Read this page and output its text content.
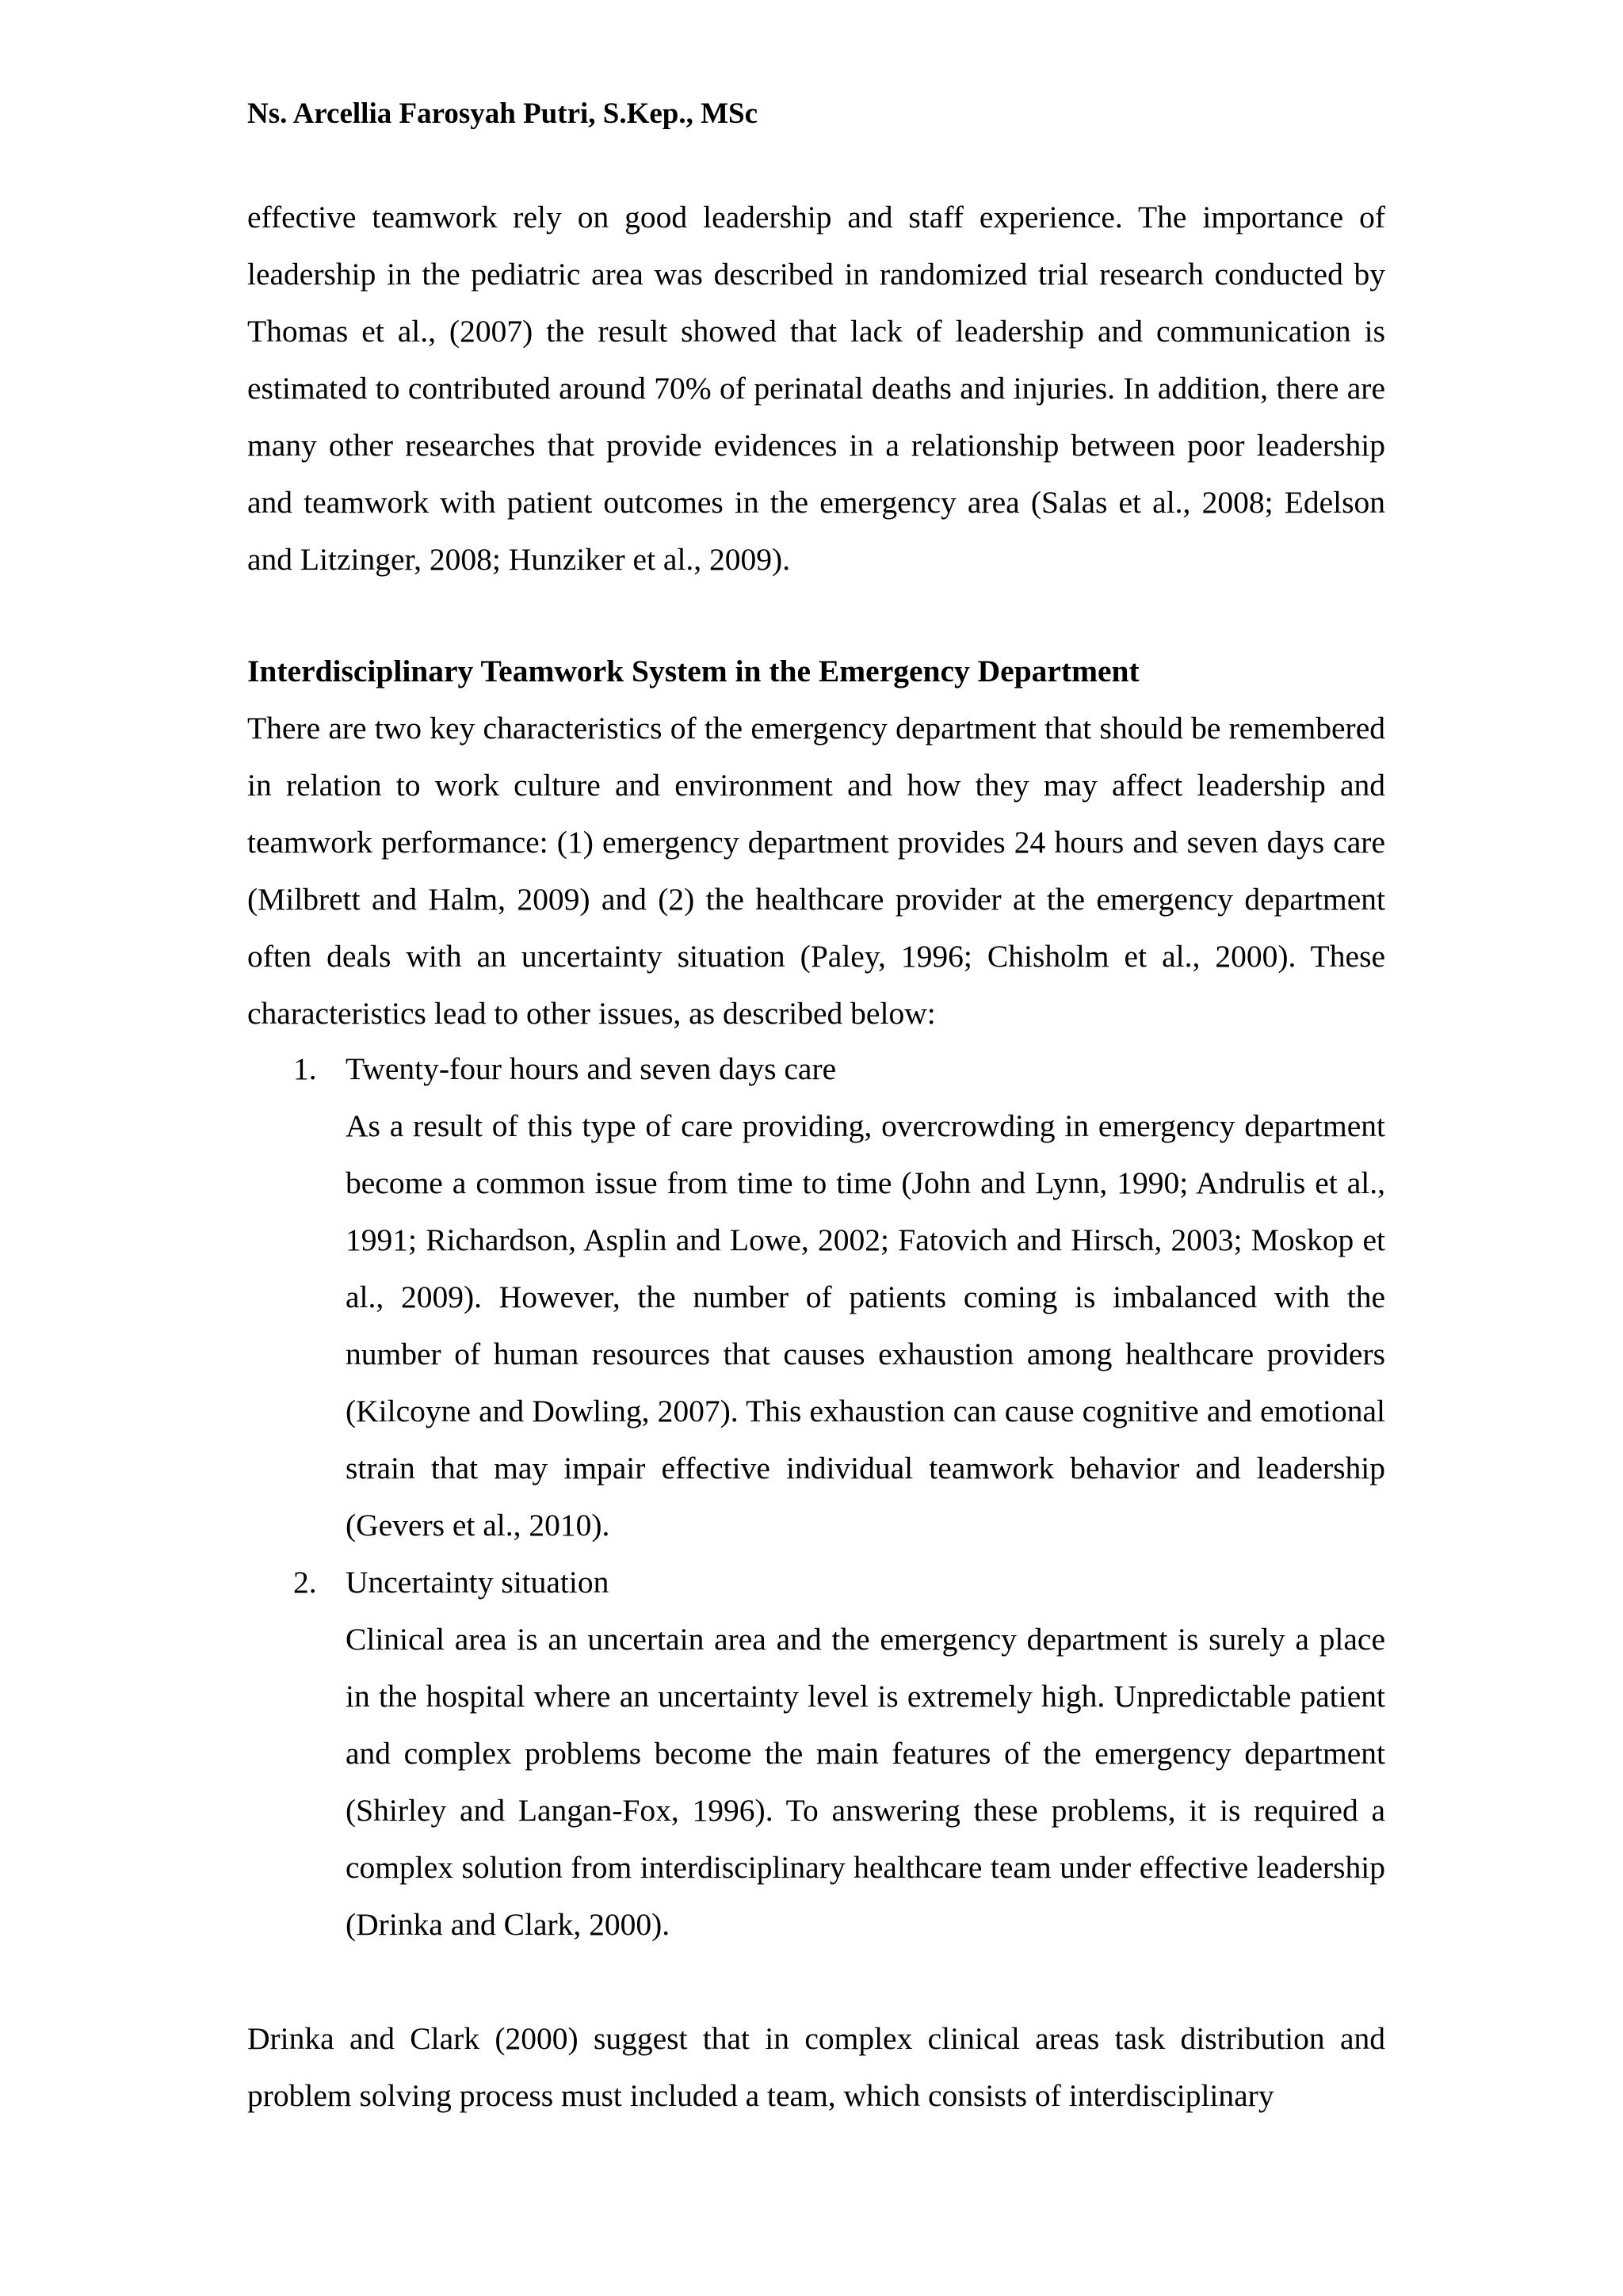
Ns. Arcellia Farosyah Putri, S.Kep., MSc

effective teamwork rely on good leadership and staff experience. The importance of leadership in the pediatric area was described in randomized trial research conducted by Thomas et al., (2007) the result showed that lack of leadership and communication is estimated to contributed around 70% of perinatal deaths and injuries. In addition, there are many other researches that provide evidences in a relationship between poor leadership and teamwork with patient outcomes in the emergency area (Salas et al., 2008; Edelson and Litzinger, 2008; Hunziker et al., 2009).

Interdisciplinary Teamwork System in the Emergency Department

There are two key characteristics of the emergency department that should be remembered in relation to work culture and environment and how they may affect leadership and teamwork performance: (1) emergency department provides 24 hours and seven days care (Milbrett and Halm, 2009) and (2) the healthcare provider at the emergency department often deals with an uncertainty situation (Paley, 1996; Chisholm et al., 2000). These characteristics lead to other issues, as described below:

1. Twenty-four hours and seven days care

As a result of this type of care providing, overcrowding in emergency department become a common issue from time to time (John and Lynn, 1990; Andrulis et al., 1991; Richardson, Asplin and Lowe, 2002; Fatovich and Hirsch, 2003; Moskop et al., 2009). However, the number of patients coming is imbalanced with the number of human resources that causes exhaustion among healthcare providers (Kilcoyne and Dowling, 2007). This exhaustion can cause cognitive and emotional strain that may impair effective individual teamwork behavior and leadership (Gevers et al., 2010).

2. Uncertainty situation

Clinical area is an uncertain area and the emergency department is surely a place in the hospital where an uncertainty level is extremely high. Unpredictable patient and complex problems become the main features of the emergency department (Shirley and Langan-Fox, 1996). To answering these problems, it is required a complex solution from interdisciplinary healthcare team under effective leadership (Drinka and Clark, 2000).

Drinka and Clark (2000) suggest that in complex clinical areas task distribution and problem solving process must included a team, which consists of interdisciplinary
